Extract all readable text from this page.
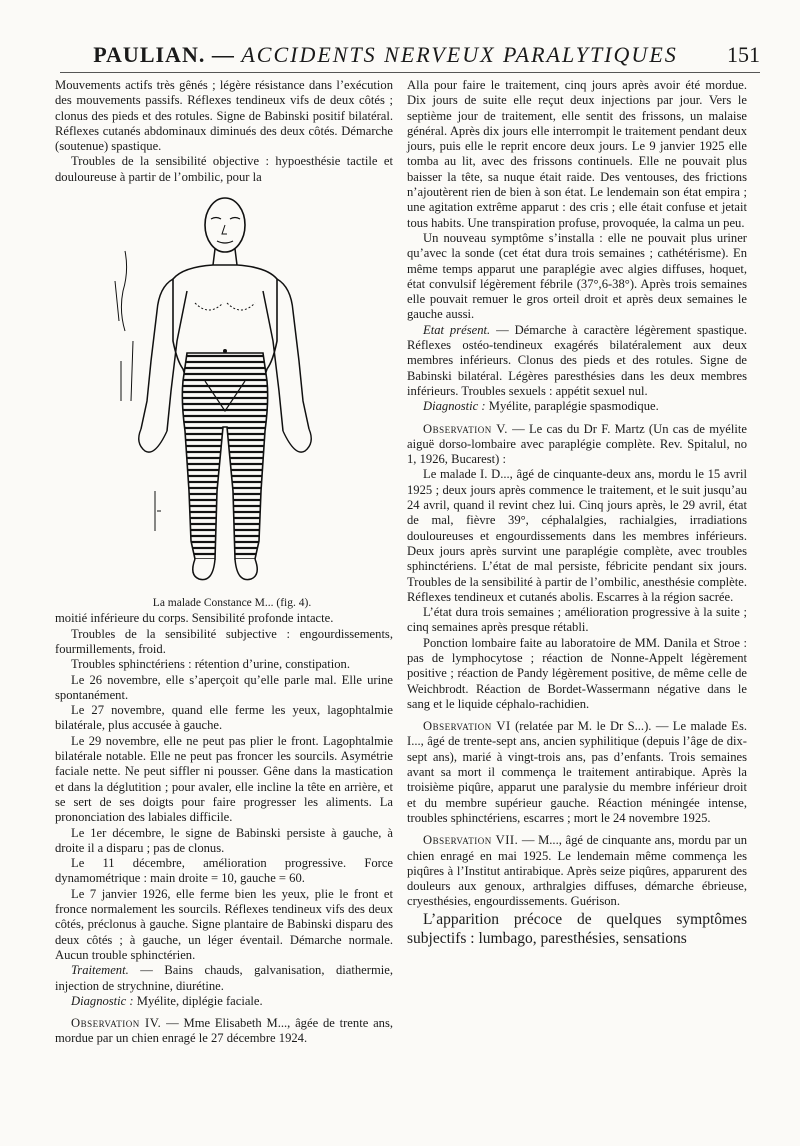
PAULIAN. — ACCIDENTS NERVEUX PARALYTIQUES	151

Mouvements actifs très gênés ; légère résistance dans l’exécution des mouvements passifs. Réflexes tendineux vifs de deux côtés ; clonus des pieds et des rotules. Signe de Babinski positif bilatéral. Réflexes cutanés abdominaux diminués des deux côtés. Démarche (soutenue) spastique.

Troubles de la sensibilité objective : hypoesthésie tactile et douloureuse à partir de l’ombilic, pour la

La malade Constance M... (fig. 4).

moitié inférieure du corps. Sensibilité profonde intacte.

Troubles de la sensibilité subjective : engourdissements, fourmillements, froid.

Troubles sphinctériens : rétention d’urine, constipation.

Le 26 novembre, elle s’aperçoit qu’elle parle mal. Elle urine spontanément.

Le 27 novembre, quand elle ferme les yeux, lagophtalmie bilatérale, plus accusée à gauche.

Le 29 novembre, elle ne peut pas plier le front. Lagophtalmie bilatérale notable. Elle ne peut pas froncer les sourcils. Asymétrie faciale nette. Ne peut siffler ni pousser. Gêne dans la mastication et dans la déglutition ; pour avaler, elle incline la tête en arrière, et se sert de ses doigts pour faire progresser les aliments. La prononciation des labiales difficile.

Le 1er décembre, le signe de Babinski persiste à gauche, à droite il a disparu ; pas de clonus.

Le 11 décembre, amélioration progressive. Force dynamométrique : main droite = 10, gauche = 60.

Le 7 janvier 1926, elle ferme bien les yeux, plie le front et fronce normalement les sourcils. Réflexes tendineux vifs des deux côtés, préclonus à gauche. Signe plantaire de Babinski disparu des deux côtés ; à gauche, un léger éventail. Démarche normale. Aucun trouble sphinctérien.

Traitement. — Bains chauds, galvanisation, diathermie, injection de strychnine, diurétine.

Diagnostic : Myélite, diplégie faciale.

Observation IV. — Mme Elisabeth M..., âgée de trente ans, mordue par un chien enragé le 27 décembre 1924.

Alla pour faire le traitement, cinq jours après avoir été mordue. Dix jours de suite elle reçut deux injections par jour. Vers le septième jour de traitement, elle sentit des frissons, un malaise général. Après dix jours elle interrompit le traitement pendant deux jours, puis elle le reprit encore deux jours. Le 9 janvier 1925 elle tomba au lit, avec des frissons continuels. Elle ne pouvait plus baisser la tête, sa nuque était raide. Des ventouses, des frictions n’ajoutèrent rien de bien à son état. Le lendemain son état empira ; une agitation extrême apparut : des cris ; elle était confuse et jetait tous habits. Une transpiration profuse, provoquée, la calma un peu.

Un nouveau symptôme s’installa : elle ne pouvait plus uriner qu’avec la sonde (cet état dura trois semaines ; cathétérisme). En même temps apparut une paraplégie avec algies diffuses, hoquet, état convulsif légèrement fébrile (37°,6-38°). Après trois semaines elle pouvait remuer le gros orteil droit et après deux semaines le gauche aussi.

Etat présent. — Démarche à caractère légèrement spastique. Réflexes ostéo-tendineux exagérés bilatéralement aux deux membres inférieurs. Clonus des pieds et des rotules. Signe de Babinski bilatéral. Légères paresthésies dans les deux membres inférieurs. Troubles sexuels : appétit sexuel nul.

Diagnostic : Myélite, paraplégie spasmodique.

Observation V. — Le cas du Dr F. Martz (Un cas de myélite aiguë dorso-lombaire avec paraplégie complète. Rev. Spitalul, no 1, 1926, Bucarest) :

Le malade I. D..., âgé de cinquante-deux ans, mordu le 15 avril 1925 ; deux jours après commence le traitement, et le suit jusqu’au 24 avril, quand il revint chez lui. Cinq jours après, le 29 avril, état de mal, fièvre 39°, céphalalgies, rachialgies, irradiations douloureuses et engourdissements dans les membres inférieurs. Deux jours après survint une paraplégie complète, avec troubles sphinctériens. L’état de mal persiste, fébricite pendant six jours. Troubles de la sensibilité à partir de l’ombilic, anesthésie complète. Réflexes tendineux et cutanés abolis. Escarres à la région sacrée.

L’état dura trois semaines ; amélioration progressive à la suite ; cinq semaines après presque rétabli.

Ponction lombaire faite au laboratoire de MM. Danila et Stroe : pas de lymphocytose ; réaction de Nonne-Appelt légèrement positive ; réaction de Pandy légèrement positive, de même celle de Weichbrodt. Réaction de Bordet-Wassermann négative dans le sang et le liquide céphalo-rachidien.

Observation VI (relatée par M. le Dr S...). — Le malade Es. I..., âgé de trente-sept ans, ancien syphilitique (depuis l’âge de dix-sept ans), marié à vingt-trois ans, pas d’enfants. Trois semaines avant sa mort il commença le traitement antirabique. Après la troisième piqûre, apparut une paralysie du membre inférieur droit et du membre supérieur gauche. Réaction méningée intense, troubles sphinctériens, escarres ; mort le 24 novembre 1925.

Observation VII. — M..., âgé de cinquante ans, mordu par un chien enragé en mai 1925. Le lendemain même commença les piqûres à l’Institut antirabique. Après seize piqûres, apparurent des douleurs aux genoux, arthralgies diffuses, démarche ébrieuse, cryesthésies, engourdissements. Guérison.

L’apparition précoce de quelques symptômes subjectifs : lumbago, paresthésies, sensations
